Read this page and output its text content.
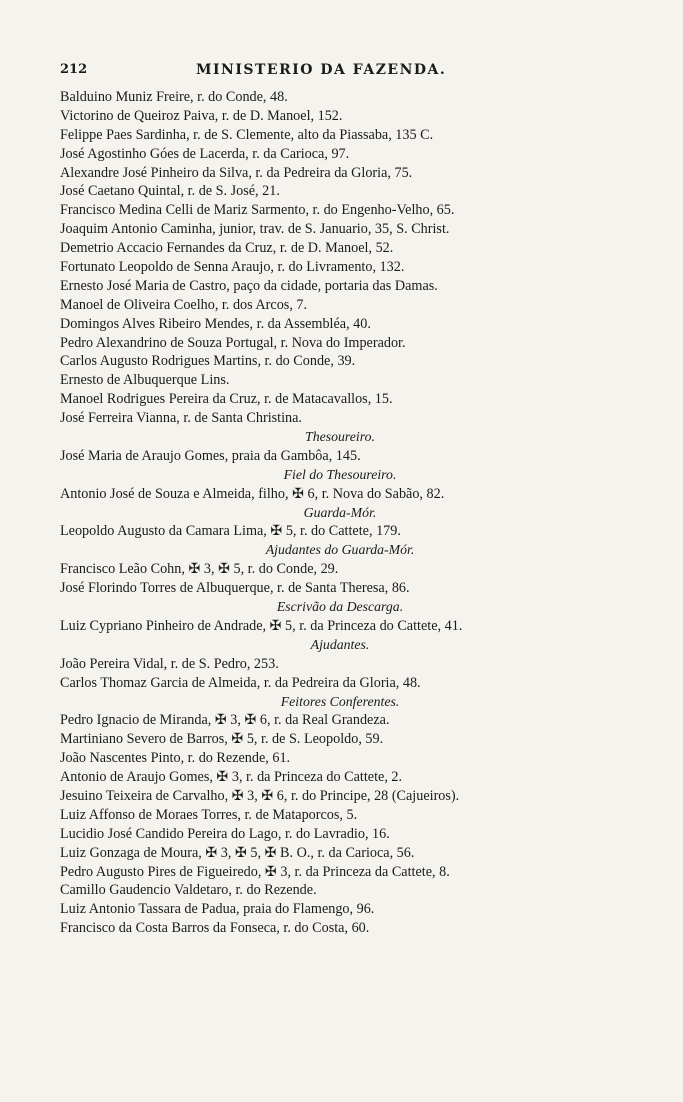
212	MINISTERIO DA FAZENDA.
Balduino Muniz Freire, r. do Conde, 48.
Victorino de Queiroz Paiva, r. de D. Manoel, 152.
Felippe Paes Sardinha, r. de S. Clemente, alto da Piassaba, 135 C.
José Agostinho Góes de Lacerda, r. da Carioca, 97.
Alexandre José Pinheiro da Silva, r. da Pedreira da Gloria, 75.
José Caetano Quintal, r. de S. José, 21.
Francisco Medina Celli de Mariz Sarmento, r. do Engenho-Velho, 65.
Joaquim Antonio Caminha, junior, trav. de S. Januario, 35, S. Christ.
Demetrio Accacio Fernandes da Cruz, r. de D. Manoel, 52.
Fortunato Leopoldo de Senna Araujo, r. do Livramento, 132.
Ernesto José Maria de Castro, paço da cidade, portaria das Damas.
Manoel de Oliveira Coelho, r. dos Arcos, 7.
Domingos Alves Ribeiro Mendes, r. da Assembléa, 40.
Pedro Alexandrino de Souza Portugal, r. Nova do Imperador.
Carlos Augusto Rodrigues Martins, r. do Conde, 39.
Ernesto de Albuquerque Lins.
Manoel Rodrigues Pereira da Cruz, r. de Matacavallos, 15.
José Ferreira Vianna, r. de Santa Christina.
Thesoureiro.
José Maria de Araujo Gomes, praia da Gambôa, 145.
Fiel do Thesoureiro.
Antonio José de Souza e Almeida, filho, ✠ 6, r. Nova do Sabão, 82.
Guarda-Mór.
Leopoldo Augusto da Camara Lima, ✠ 5, r. do Cattete, 179.
Ajudantes do Guarda-Mór.
Francisco Leão Cohn, ✠ 3, ✠ 5, r. do Conde, 29.
José Florindo Torres de Albuquerque, r. de Santa Theresa, 86.
Escrivão da Descarga.
Luiz Cypriano Pinheiro de Andrade, ✠ 5, r. da Princeza do Cattete, 41.
Ajudantes.
João Pereira Vidal, r. de S. Pedro, 253.
Carlos Thomaz Garcia de Almeida, r. da Pedreira da Gloria, 48.
Feitores Conferentes.
Pedro Ignacio de Miranda, ✠ 3, ✠ 6, r. da Real Grandeza.
Martiniano Severo de Barros, ✠ 5, r. de S. Leopoldo, 59.
João Nascentes Pinto, r. do Rezende, 61.
Antonio de Araujo Gomes, ✠ 3, r. da Princeza do Cattete, 2.
Jesuino Teixeira de Carvalho, ✠ 3, ✠ 6, r. do Principe, 28 (Cajueiros).
Luiz Affonso de Moraes Torres, r. de Mataporcos, 5.
Lucidio José Candido Pereira do Lago, r. do Lavradio, 16.
Luiz Gonzaga de Moura, ✠ 3, ✠ 5, ✠ B. O., r. da Carioca, 56.
Pedro Augusto Pires de Figueiredo, ✠ 3, r. da Princeza da Cattete, 8.
Camillo Gaudencio Valdetaro, r. do Rezende.
Luiz Antonio Tassara de Padua, praia do Flamengo, 96.
Francisco da Costa Barros da Fonseca, r. do Costa, 60.
